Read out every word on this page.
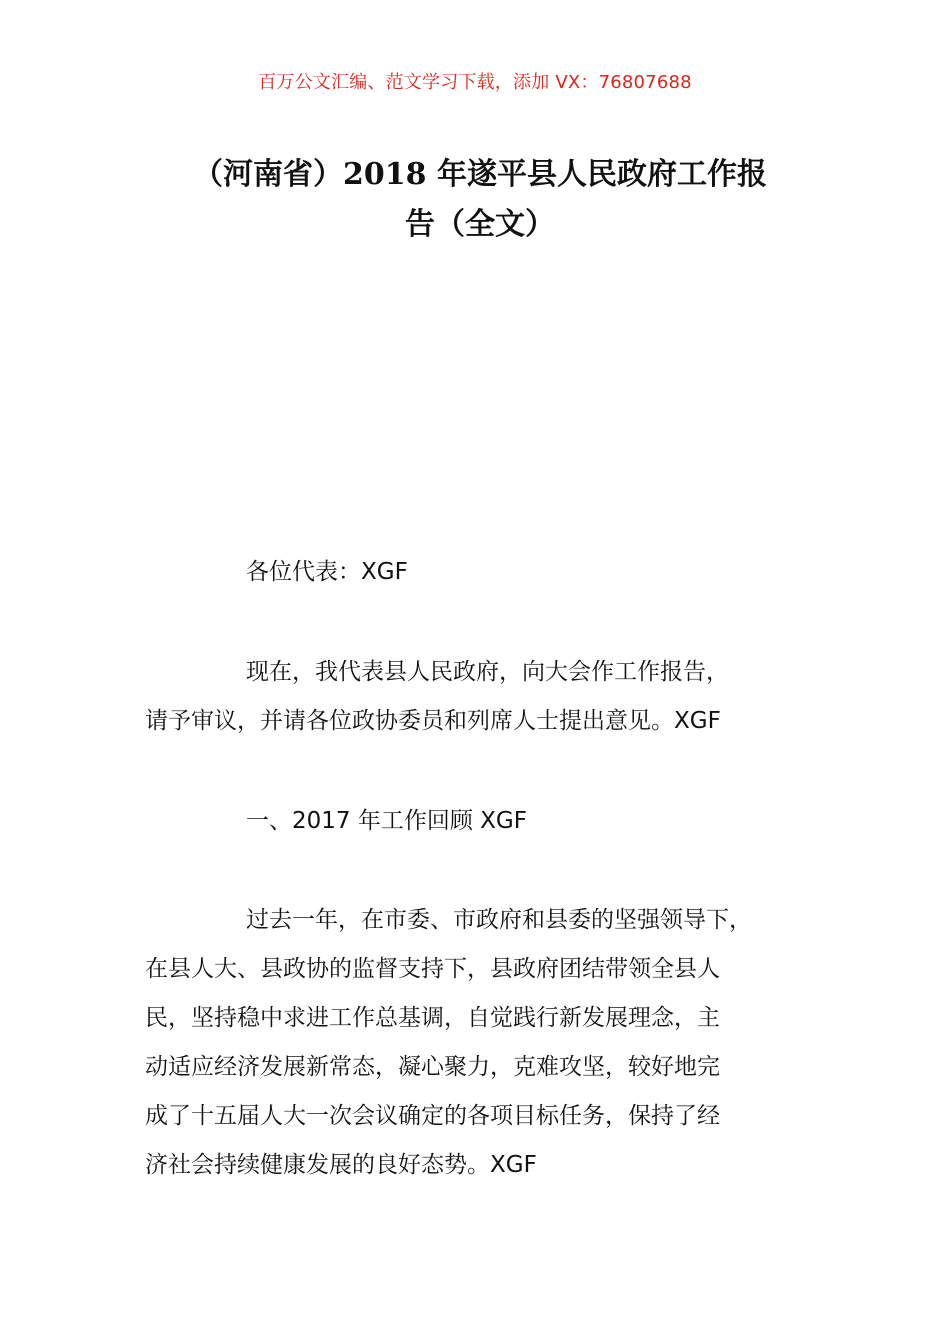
百万公文汇编、范文学习下载，添加 VX：76807688
（河南省）2018 年遂平县人民政府工作报
告（全文）
各位代表：XGF
现在，我代表县人民政府，向大会作工作报告，
请予审议，并请各位政协委员和列席人士提出意见。XGF
一、2017 年工作回顾 XGF
过去一年，在市委、市政府和县委的坚强领导下，
在县人大、县政协的监督支持下，县政府团结带领全县人
民，坚持稳中求进工作总基调，自觉践行新发展理念，主
动适应经济发展新常态，凝心聚力，克难攻坚，较好地完
成了十五届人大一次会议确定的各项目标任务，保持了经
济社会持续健康发展的良好态势。XGF
